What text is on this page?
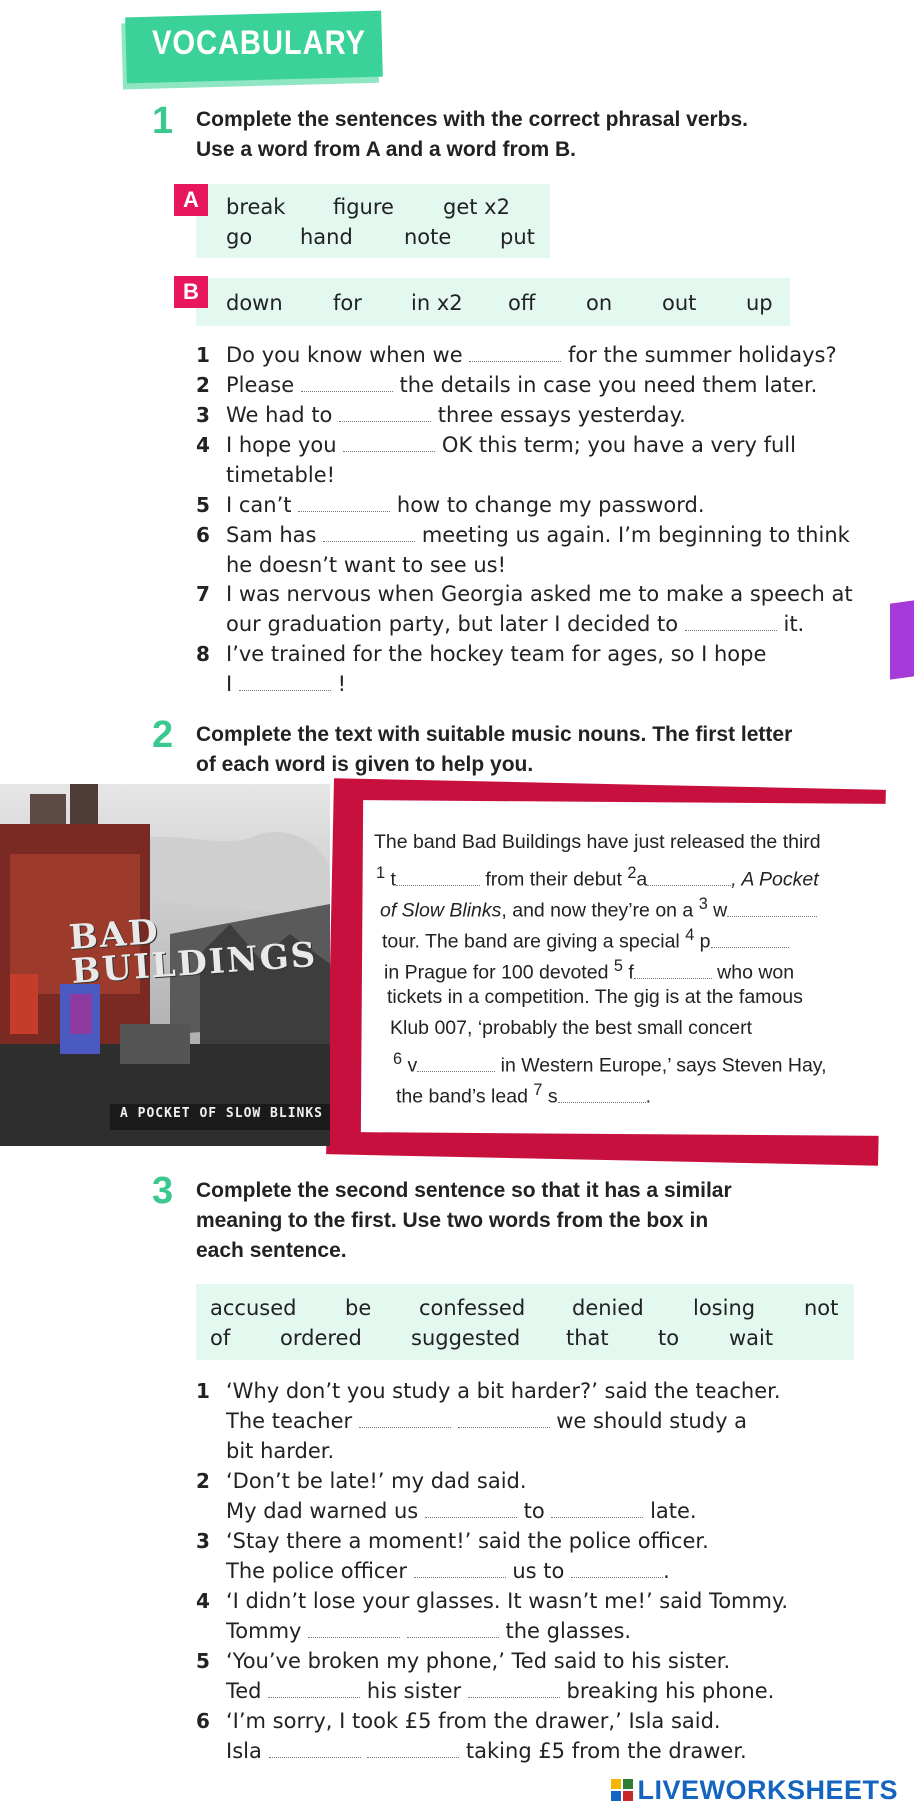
VOCABULARY
1 Complete the sentences with the correct phrasal verbs.
Use a word from A and a word from B.
A	break figure get x2
go hand note put
B	down for in x2 off on out up
1 Do you know when we	for the summer holidays?
2 Please	the details in case you need them later.
3 We had to	three essays yesterday.
4 I hope you	OK this term; you have a very full
timetable!
5 I can’t	how to change my password.
6 Sam has	meeting us again. I’m beginning to think
he doesn’t want to see us!
7 I was nervous when Georgia asked me to make a speech at
our graduation party, but later I decided to	it.
8 I’ve trained for the hockey team for ages, so I hope
I	!
2 Complete the text with suitable music nouns. The first letter
of each word is given to help you.
BAD BUILDINGS
A POCKET OF SLOW BLINKS
The band Bad Buildings have just released the third
$^1$ t	from their debut $^2$a	, A Pocket
of Slow Blinks, and now they’re on a $^3$ w
tour. The band are giving a special $^4$ p
in Prague for 100 devoted $^5$ f	who won
tickets in a competition. The gig is at the famous
Klub 007, ‘probably the best small concert
$^6$ v	in Western Europe,’ says Steven Hay,
the band’s lead $^7$ s	.
3 Complete the second sentence so that it has a similar
meaning to the first. Use two words from the box in
each sentence.
accused be confessed denied losing not
of ordered suggested that to wait
1 ‘Why don’t you study a bit harder?’ said the teacher.
The teacher	we should study a
bit harder.
2 ‘Don’t be late!’ my dad said.
My dad warned us	to	late.
3 ‘Stay there a moment!’ said the police officer.
The police officer	us to	.
4 ‘I didn’t lose your glasses. It wasn’t me!’ said Tommy.
Tommy	the glasses.
5 ‘You’ve broken my phone,’ Ted said to his sister.
Ted	his sister	breaking his phone.
6 ‘I’m sorry, I took £5 from the drawer,’ Isla said.
Isla	taking £5 from the drawer.
LIVEWORKSHEETS
